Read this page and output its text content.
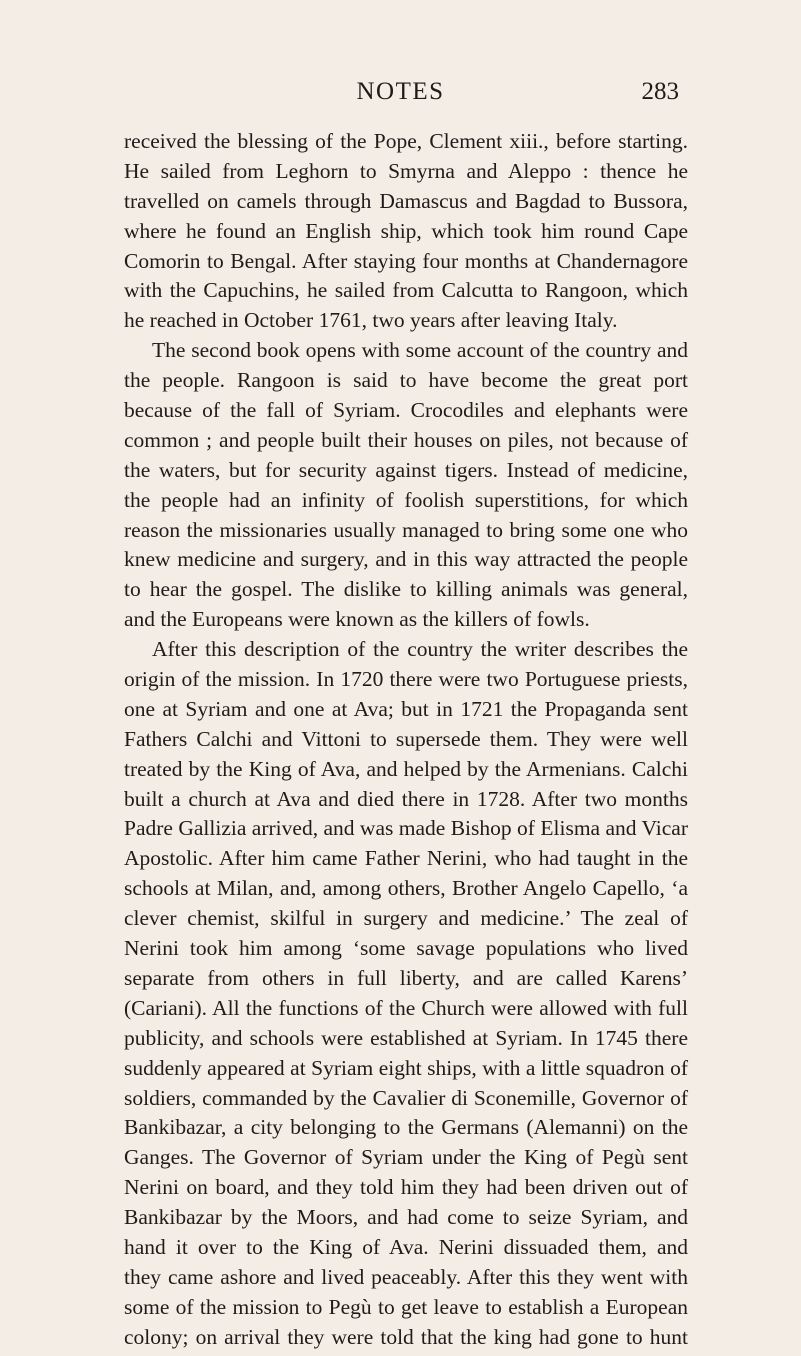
NOTES	283
received the blessing of the Pope, Clement xiii., before starting.
He sailed from Leghorn to Smyrna and Aleppo : thence he
travelled on camels through Damascus and Bagdad to Bussora,
where he found an English ship, which took him round Cape
Comorin to Bengal. After staying four months at Chandernagore
with the Capuchins, he sailed from Calcutta to Rangoon, which
he reached in October 1761, two years after leaving Italy.
The second book opens with some account of the country and
the people. Rangoon is said to have become the great port
because of the fall of Syriam. Crocodiles and elephants were
common ; and people built their houses on piles, not because of
the waters, but for security against tigers. Instead of medicine,
the people had an infinity of foolish superstitions, for which
reason the missionaries usually managed to bring some one who
knew medicine and surgery, and in this way attracted the people
to hear the gospel. The dislike to killing animals was general,
and the Europeans were known as the killers of fowls.
After this description of the country the writer describes the
origin of the mission. In 1720 there were two Portuguese priests,
one at Syriam and one at Ava; but in 1721 the Propaganda sent
Fathers Calchi and Vittoni to supersede them. They were well
treated by the King of Ava, and helped by the Armenians. Calchi
built a church at Ava and died there in 1728. After two months
Padre Gallizia arrived, and was made Bishop of Elisma and Vicar
Apostolic. After him came Father Nerini, who had taught in the
schools at Milan, and, among others, Brother Angelo Capello, ‘a
clever chemist, skilful in surgery and medicine.’ The zeal of
Nerini took him among ‘some savage populations who lived
separate from others in full liberty, and are called Karens’
(Cariani). All the functions of the Church were allowed with full
publicity, and schools were established at Syriam. In 1745 there
suddenly appeared at Syriam eight ships, with a little squadron of
soldiers, commanded by the Cavalier di Sconemille, Governor of
Bankibazar, a city belonging to the Germans (Alemanni) on the
Ganges. The Governor of Syriam under the King of Pegù sent
Nerini on board, and they told him they had been driven out of
Bankibazar by the Moors, and had come to seize Syriam, and
hand it over to the King of Ava. Nerini dissuaded them, and
they came ashore and lived peaceably. After this they went with
some of the mission to Pegù to get leave to establish a European
colony; on arrival they were told that the king had gone to hunt
